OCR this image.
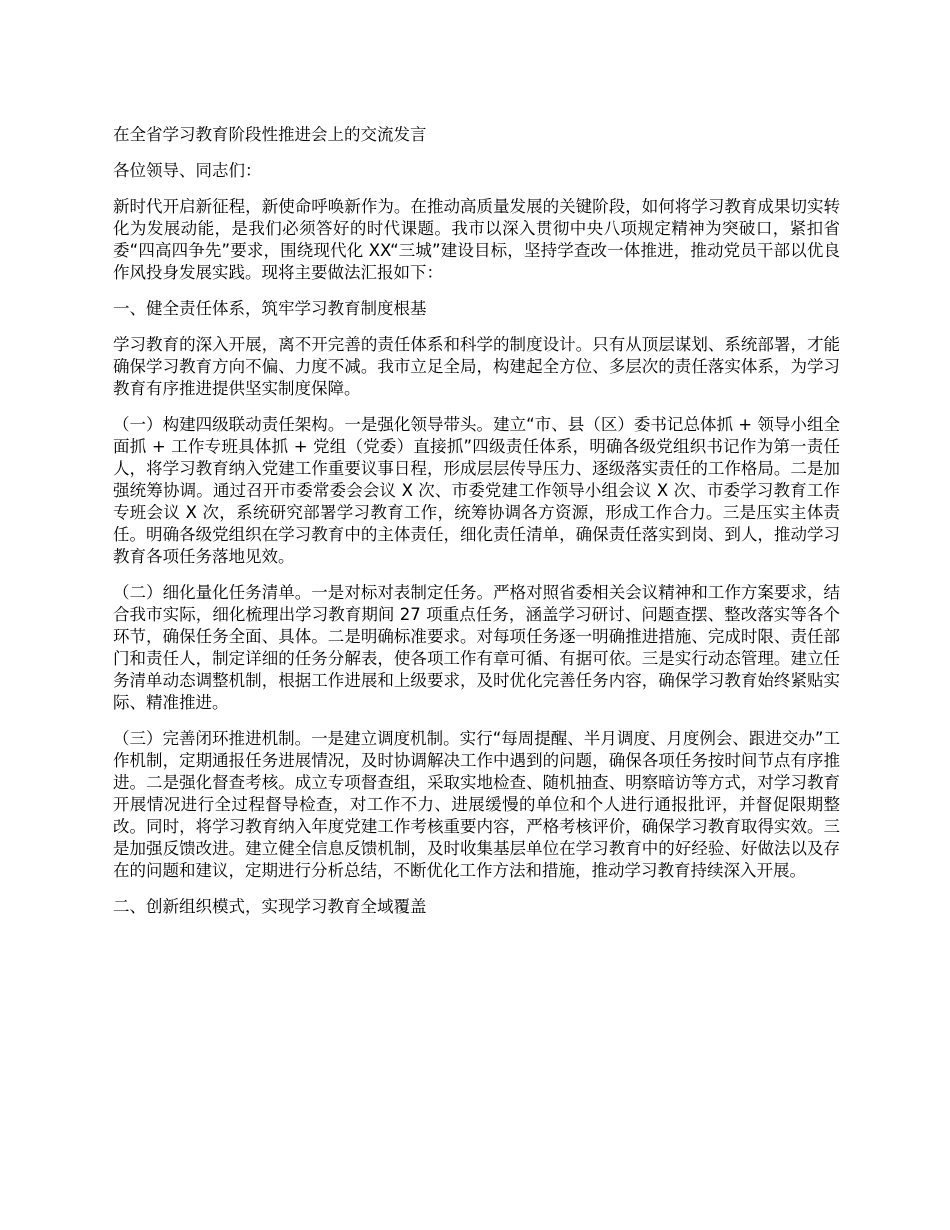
在全省学习教育阶段性推进会上的交流发言

各位领导、同志们：

新时代开启新征程，新使命呼唤新作为。在推动高质量发展的关键阶段，如何将学习教育成果切实转化为发展动能，是我们必须答好的时代课题。我市以深入贯彻中央八项规定精神为突破口，紧扣省委“四高四争先”要求，围绕现代化 XX“三城”建设目标，坚持学查改一体推进，推动党员干部以优良作风投身发展实践。现将主要做法汇报如下：

一、健全责任体系，筑牢学习教育制度根基

学习教育的深入开展，离不开完善的责任体系和科学的制度设计。只有从顶层谋划、系统部署，才能确保学习教育方向不偏、力度不减。我市立足全局，构建起全方位、多层次的责任落实体系，为学习教育有序推进提供坚实制度保障。

（一）构建四级联动责任架构。一是强化领导带头。建立“市、县（区）委书记总体抓 + 领导小组全面抓 + 工作专班具体抓 + 党组（党委）直接抓”四级责任体系，明确各级党组织书记作为第一责任人，将学习教育纳入党建工作重要议事日程，形成层层传导压力、逐级落实责任的工作格局。二是加强统筹协调。通过召开市委常委会会议 X 次、市委党建工作领导小组会议 X 次、市委学习教育工作专班会议 X 次，系统研究部署学习教育工作，统筹协调各方资源，形成工作合力。三是压实主体责任。明确各级党组织在学习教育中的主体责任，细化责任清单，确保责任落实到岗、到人，推动学习教育各项任务落地见效。

（二）细化量化任务清单。一是对标对表制定任务。严格对照省委相关会议精神和工作方案要求，结合我市实际，细化梳理出学习教育期间 27 项重点任务，涵盖学习研讨、问题查摆、整改落实等各个环节，确保任务全面、具体。二是明确标准要求。对每项任务逐一明确推进措施、完成时限、责任部门和责任人，制定详细的任务分解表，使各项工作有章可循、有据可依。三是实行动态管理。建立任务清单动态调整机制，根据工作进展和上级要求，及时优化完善任务内容，确保学习教育始终紧贴实际、精准推进。

（三）完善闭环推进机制。一是建立调度机制。实行“每周提醒、半月调度、月度例会、跟进交办”工作机制，定期通报任务进展情况，及时协调解决工作中遇到的问题，确保各项任务按时间节点有序推进。二是强化督查考核。成立专项督查组，采取实地检查、随机抽查、明察暗访等方式，对学习教育开展情况进行全过程督导检查，对工作不力、进展缓慢的单位和个人进行通报批评，并督促限期整改。同时，将学习教育纳入年度党建工作考核重要内容，严格考核评价，确保学习教育取得实效。三是加强反馈改进。建立健全信息反馈机制，及时收集基层单位在学习教育中的好经验、好做法以及存在的问题和建议，定期进行分析总结，不断优化工作方法和措施，推动学习教育持续深入开展。

二、创新组织模式，实现学习教育全域覆盖
